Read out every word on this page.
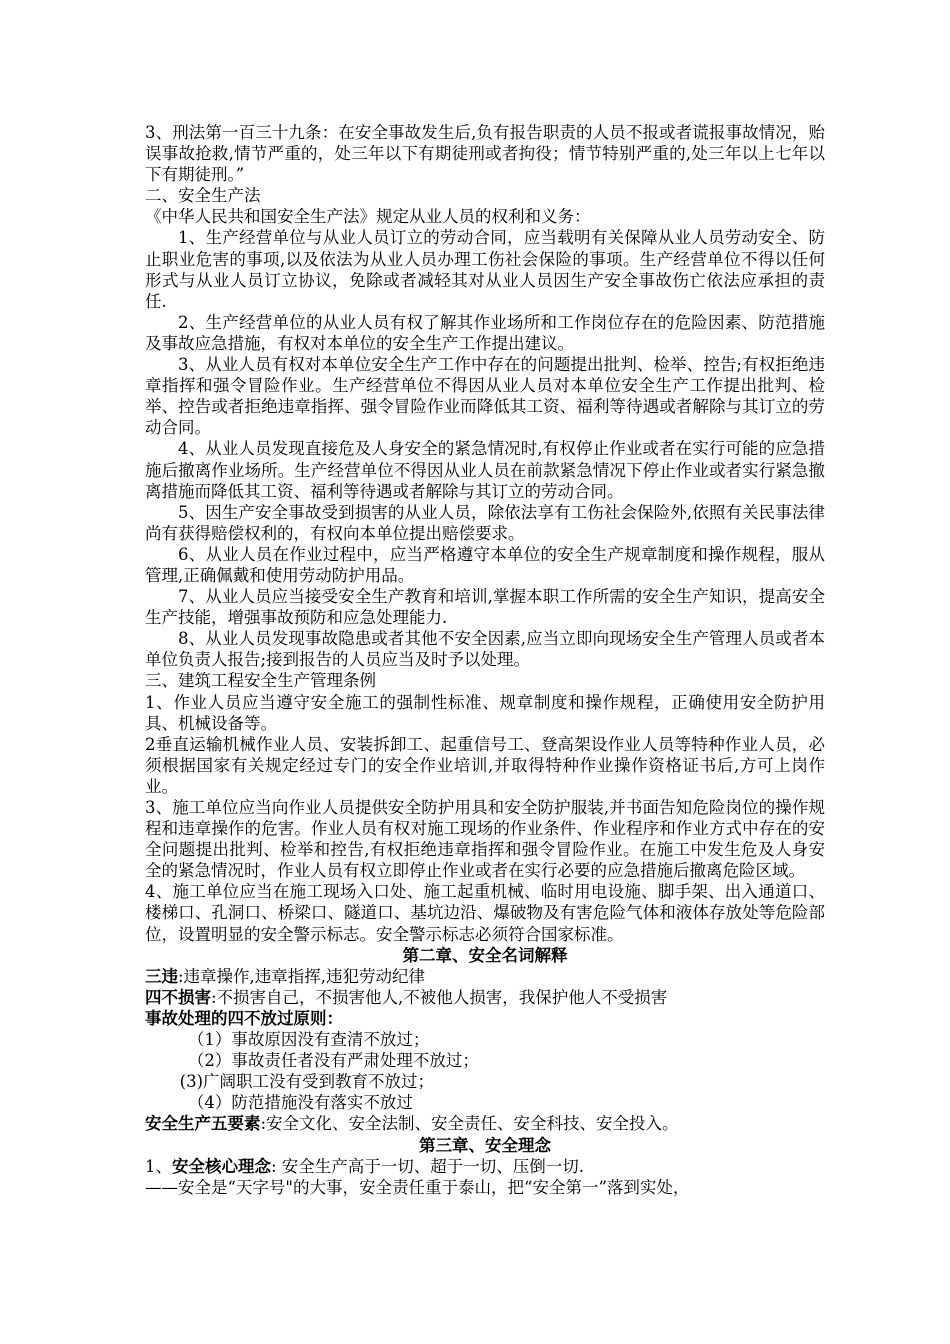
3、刑法第一百三十九条：在安全事故发生后,负有报告职责的人员不报或者谎报事故情况，贻误事故抢救,情节严重的，处三年以下有期徒刑或者拘役；情节特别严重的,处三年以上七年以下有期徒刑。”

二、安全生产法

《中华人民共和国安全生产法》规定从业人员的权利和义务：

1、生产经营单位与从业人员订立的劳动合同，应当载明有关保障从业人员劳动安全、防止职业危害的事项,以及依法为从业人员办理工伤社会保险的事项。生产经营单位不得以任何形式与从业人员订立协议，免除或者减轻其对从业人员因生产安全事故伤亡依法应承担的责任.

2、生产经营单位的从业人员有权了解其作业场所和工作岗位存在的危险因素、防范措施及事故应急措施，有权对本单位的安全生产工作提出建议。

3、从业人员有权对本单位安全生产工作中存在的问题提出批判、检举、控告;有权拒绝违章指挥和强令冒险作业。生产经营单位不得因从业人员对本单位安全生产工作提出批判、检举、控告或者拒绝违章指挥、强令冒险作业而降低其工资、福利等待遇或者解除与其订立的劳动合同。

4、从业人员发现直接危及人身安全的紧急情况时,有权停止作业或者在实行可能的应急措施后撤离作业场所。生产经营单位不得因从业人员在前款紧急情况下停止作业或者实行紧急撤离措施而降低其工资、福利等待遇或者解除与其订立的劳动合同。

5、因生产安全事故受到损害的从业人员，除依法享有工伤社会保险外,依照有关民事法律尚有获得赔偿权利的，有权向本单位提出赔偿要求。

6、从业人员在作业过程中，应当严格遵守本单位的安全生产规章制度和操作规程，服从管理,正确佩戴和使用劳动防护用品。

7、从业人员应当接受安全生产教育和培训,掌握本职工作所需的安全生产知识，提高安全生产技能，增强事故预防和应急处理能力.

8、从业人员发现事故隐患或者其他不安全因素,应当立即向现场安全生产管理人员或者本单位负责人报告;接到报告的人员应当及时予以处理。

三、建筑工程安全生产管理条例

1、作业人员应当遵守安全施工的强制性标准、规章制度和操作规程，正确使用安全防护用具、机械设备等。

2垂直运输机械作业人员、安装拆卸工、起重信号工、登高架设作业人员等特种作业人员，必须根据国家有关规定经过专门的安全作业培训,并取得特种作业操作资格证书后,方可上岗作业。

3、施工单位应当向作业人员提供安全防护用具和安全防护服装,并书面告知危险岗位的操作规程和违章操作的危害。作业人员有权对施工现场的作业条件、作业程序和作业方式中存在的安全问题提出批判、检举和控告,有权拒绝违章指挥和强令冒险作业。在施工中发生危及人身安全的紧急情况时，作业人员有权立即停止作业或者在实行必要的应急措施后撤离危险区域。

4、施工单位应当在施工现场入口处、施工起重机械、临时用电设施、脚手架、出入通道口、楼梯口、孔洞口、桥梁口、隧道口、基坑边沿、爆破物及有害危险气体和液体存放处等危险部位，设置明显的安全警示标志。安全警示标志必须符合国家标准。

第二章、安全名词解释

三违:违章操作,违章指挥,违犯劳动纪律

四不损害:不损害自己，不损害他人,不被他人损害，我保护他人不受损害

事故处理的四不放过原则：

（1）事故原因没有查清不放过；

（2）事故责任者没有严肃处理不放过；

(3)广阔职工没有受到教育不放过；

（4）防范措施没有落实不放过

安全生产五要素:安全文化、安全法制、安全责任、安全科技、安全投入。

第三章、安全理念

1、安全核心理念: 安全生产高于一切、超于一切、压倒一切.

——安全是“天字号"的大事，安全责任重于泰山，把“安全第一”落到实处，
